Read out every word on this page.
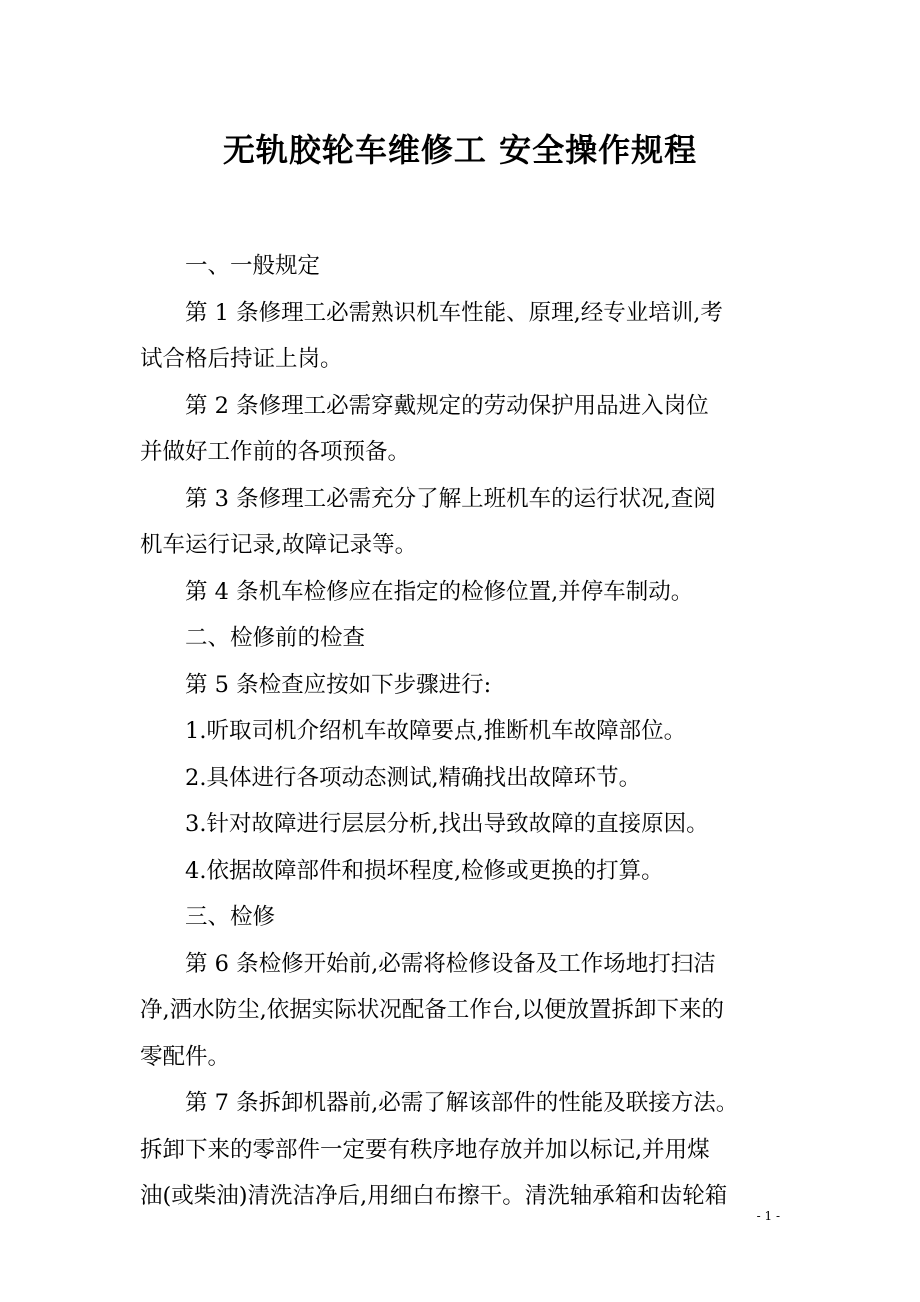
无轨胶轮车维修工 安全操作规程

一、一般规定

第 1 条修理工必需熟识机车性能、原理,经专业培训,考
试合格后持证上岗。

第 2 条修理工必需穿戴规定的劳动保护用品进入岗位
并做好工作前的各项预备。

第 3 条修理工必需充分了解上班机车的运行状况,查阅
机车运行记录,故障记录等。

第 4 条机车检修应在指定的检修位置,并停车制动。

二、检修前的检查

第 5 条检查应按如下步骤进行:

1.听取司机介绍机车故障要点,推断机车故障部位。

2.具体进行各项动态测试,精确找出故障环节。

3.针对故障进行层层分析,找出导致故障的直接原因。

4.依据故障部件和损坏程度,检修或更换的打算。

三、检修

第 6 条检修开始前,必需将检修设备及工作场地打扫洁
净,洒水防尘,依据实际状况配备工作台,以便放置拆卸下来的
零配件。

第 7 条拆卸机器前,必需了解该部件的性能及联接方法。
拆卸下来的零部件一定要有秩序地存放并加以标记,并用煤
油(或柴油)清洗洁净后,用细白布擦干。清洗轴承箱和齿轮箱

- 1 -
